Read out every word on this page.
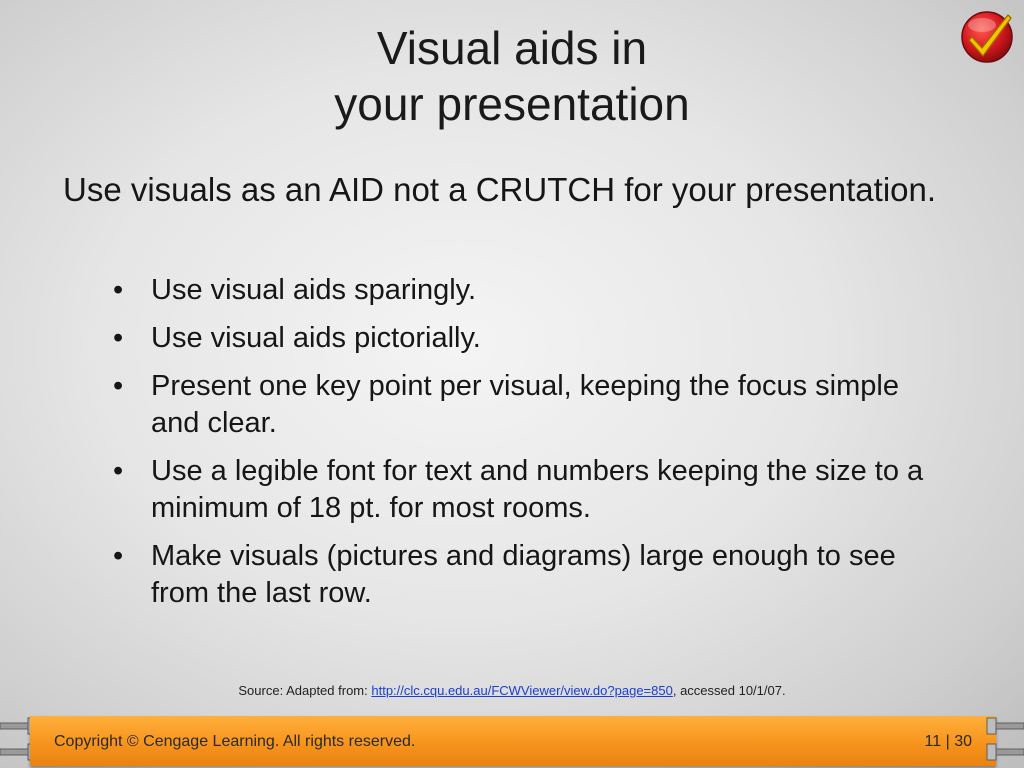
Visual aids in
your presentation

Use visuals as an AID not a CRUTCH for your presentation.

• Use visual aids sparingly.
• Use visual aids pictorially.
• Present one key point per visual, keeping the focus simple and clear.
• Use a legible font for text and numbers keeping the size to a minimum of 18 pt. for most rooms.
• Make visuals (pictures and diagrams) large enough to see from the last row.
Source: Adapted from: http://clc.cqu.edu.au/FCWViewer/view.do?page=850, accessed 10/1/07.
Copyright © Cengage Learning. All rights reserved.	11 | 30
